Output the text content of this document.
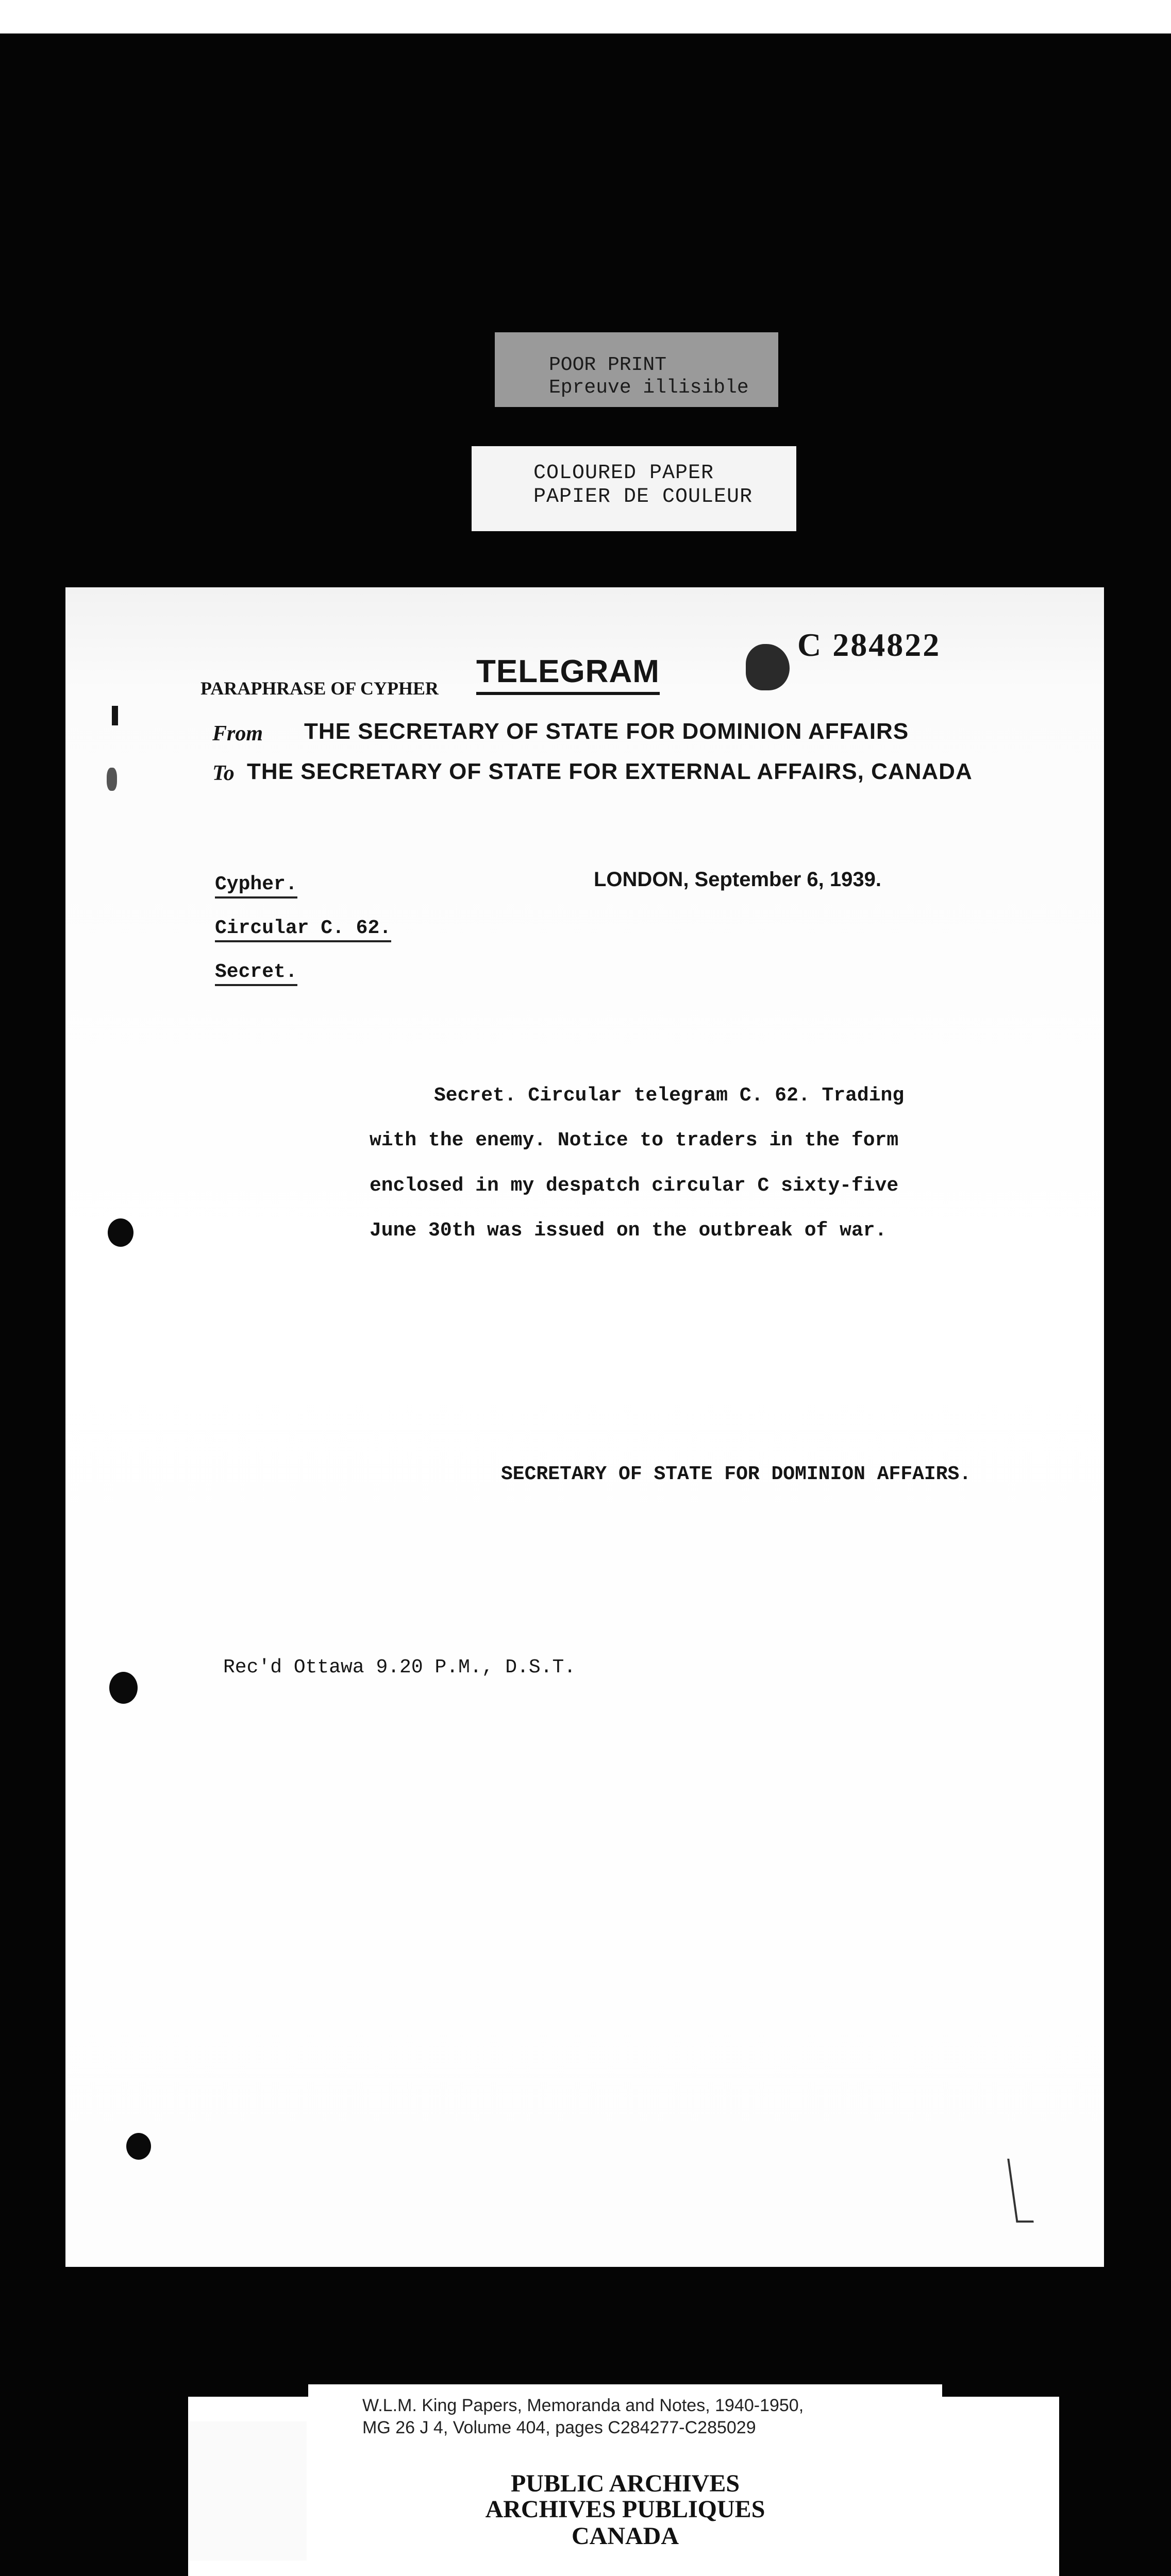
POOR PRINT
Epreuve illisible
COLOURED PAPER
PAPIER DE COULEUR
C 284822
PARAPHRASE OF CYPHER TELEGRAM
From THE SECRETARY OF STATE FOR DOMINION AFFAIRS
To THE SECRETARY OF STATE FOR EXTERNAL AFFAIRS, CANADA
LONDON, September 6, 1939.
Cypher.
Circular C. 62.
Secret.
Secret. Circular telegram C. 62. Trading
with the enemy. Notice to traders in the form
enclosed in my despatch circular C sixty-five
June 30th was issued on the outbreak of war.
SECRETARY OF STATE FOR DOMINION AFFAIRS.
Rec'd Ottawa 9.20 P.M., D.S.T.
W.L.M. King Papers, Memoranda and Notes, 1940-1950,
MG 26 J 4, Volume 404, pages C284277-C285029
PUBLIC ARCHIVES
ARCHIVES PUBLIQUES
CANADA
